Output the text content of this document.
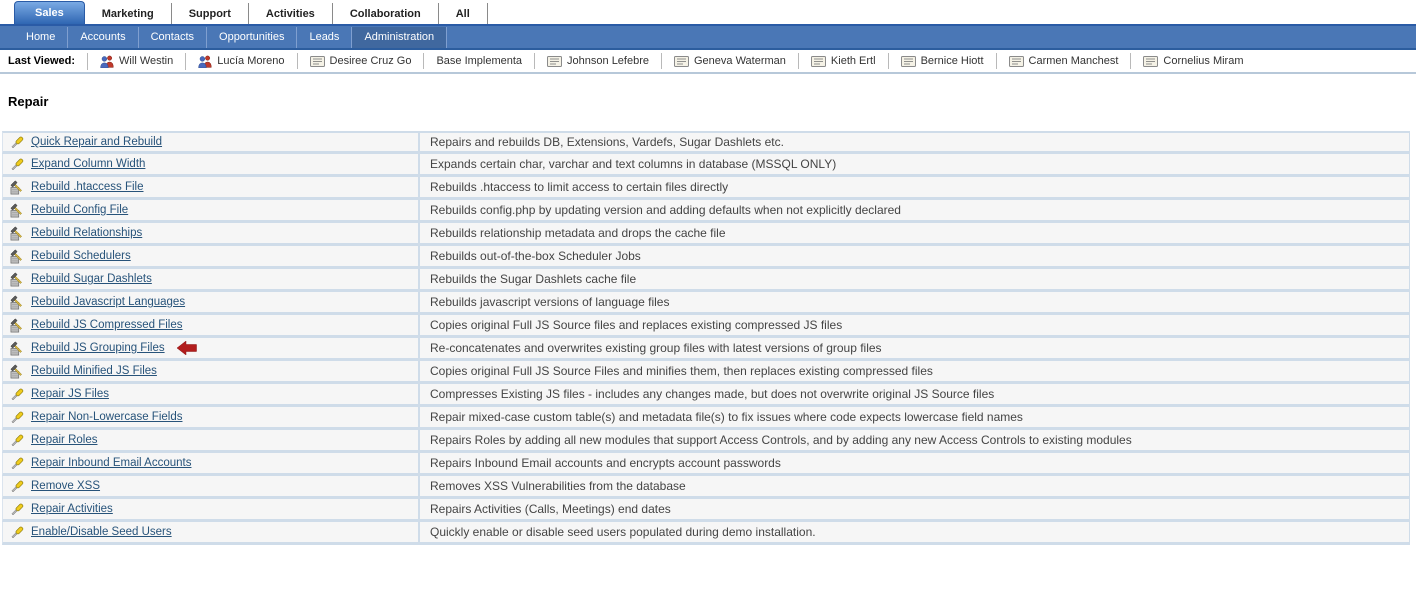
Sales	Marketing	Support	Activities	Collaboration	All
Home	Accounts	Contacts	Opportunities	Leads	Administration
Last Viewed:	Will Westin	Lucía Moreno	Desiree Cruz Go Base Implementa	Johnson Lefebre	Geneva Waterman	Kieth Ertl	Bernice Hiott	Carmen Manchest	Cornelius Miram
Repair
Quick Repair and Rebuild	Repairs and rebuilds DB, Extensions, Vardefs, Sugar Dashlets etc.

Expand Column Width	Expands certain char, varchar and text columns in database (MSSQL ONLY)

Rebuild .htaccess File	Rebuilds .htaccess to limit access to certain files directly

Rebuild Config File	Rebuilds config.php by updating version and adding defaults when not explicitly declared

Rebuild Relationships	Rebuilds relationship metadata and drops the cache file

Rebuild Schedulers	Rebuilds out-of-the-box Scheduler Jobs

Rebuild Sugar Dashlets	Rebuilds the Sugar Dashlets cache file

Rebuild Javascript Languages	Rebuilds javascript versions of language files

Rebuild JS Compressed Files	Copies original Full JS Source files and replaces existing compressed JS files

Rebuild JS Grouping Files	Re-concatenates and overwrites existing group files with latest versions of group files

Rebuild Minified JS Files	Copies original Full JS Source Files and minifies them, then replaces existing compressed files

Repair JS Files	Compresses Existing JS files - includes any changes made, but does not overwrite original JS Source files

Repair Non-Lowercase Fields	Repair mixed-case custom table(s) and metadata file(s) to fix issues where code expects lowercase field names

Repair Roles	Repairs Roles by adding all new modules that support Access Controls, and by adding any new Access Controls to existing modules

Repair Inbound Email Accounts	Repairs Inbound Email accounts and encrypts account passwords

Remove XSS	Removes XSS Vulnerabilities from the database

Repair Activities	Repairs Activities (Calls, Meetings) end dates

Enable/Disable Seed Users	Quickly enable or disable seed users populated during demo installation.
